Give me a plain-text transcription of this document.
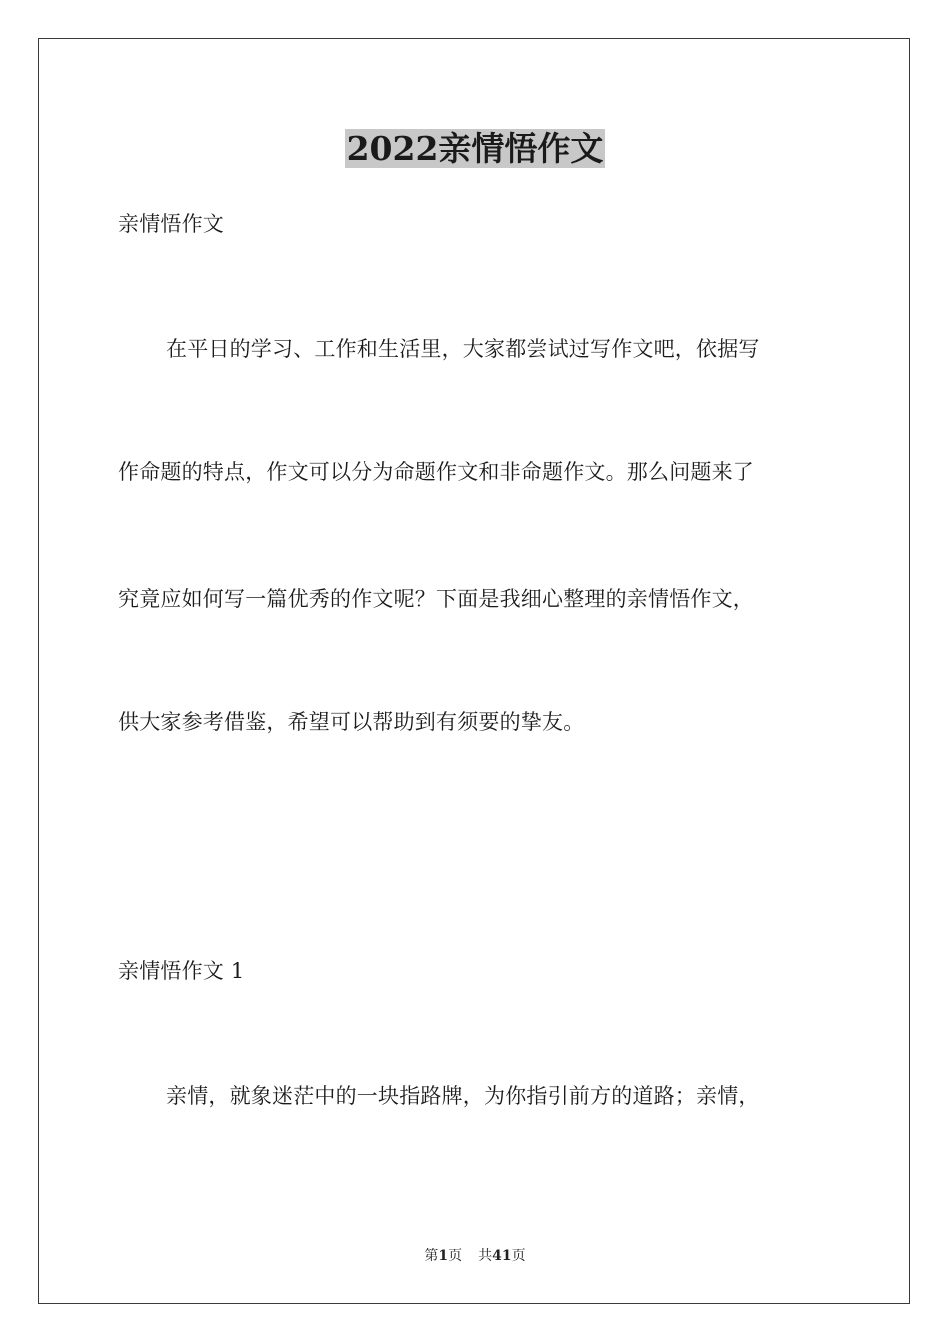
2022亲情悟作文

亲情悟作文

在平日的学习、工作和生活里，大家都尝试过写作文吧，依据写

作命题的特点，作文可以分为命题作文和非命题作文。那么问题来了

究竟应如何写一篇优秀的作文呢？下面是我细心整理的亲情悟作文，

供大家参考借鉴，希望可以帮助到有须要的挚友。

亲情悟作文 1

亲情，就象迷茫中的一块指路牌，为你指引前方的道路；亲情，

第1页 共41页
